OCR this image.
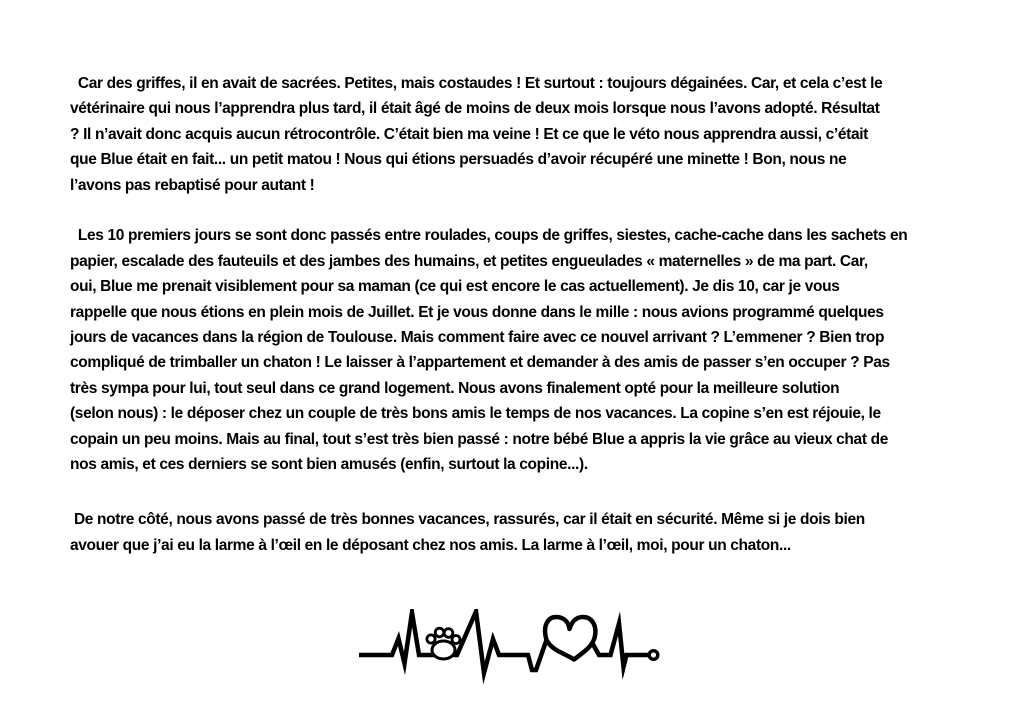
Car des griffes, il en avait de sacrées. Petites, mais costaudes ! Et surtout : toujours dégainées. Car, et cela c’est le
vétérinaire qui nous l’apprendra plus tard, il était âgé de moins de deux mois lorsque nous l’avons adopté. Résultat
? Il n’avait donc acquis aucun rétrocontrôle. C’était bien ma veine ! Et ce que le véto nous apprendra aussi, c’était
que Blue était en fait... un petit matou ! Nous qui étions persuadés d’avoir récupéré une minette ! Bon, nous ne
l’avons pas rebaptisé pour autant !
Les 10 premiers jours se sont donc passés entre roulades, coups de griffes, siestes, cache-cache dans les sachets en
papier, escalade des fauteuils et des jambes des humains, et petites engueulades « maternelles » de ma part. Car,
oui, Blue me prenait visiblement pour sa maman (ce qui est encore le cas actuellement). Je dis 10, car je vous
rappelle que nous étions en plein mois de Juillet. Et je vous donne dans le mille : nous avions programmé quelques
jours de vacances dans la région de Toulouse. Mais comment faire avec ce nouvel arrivant ? L’emmener ? Bien trop
compliqué de trimballer un chaton ! Le laisser à l’appartement et demander à des amis de passer s’en occuper ? Pas
très sympa pour lui, tout seul dans ce grand logement. Nous avons finalement opté pour la meilleure solution
(selon nous) : le déposer chez un couple de très bons amis le temps de nos vacances. La copine s’en est réjouie, le
copain un peu moins. Mais au final, tout s’est très bien passé : notre bébé Blue a appris la vie grâce au vieux chat de
nos amis, et ces derniers se sont bien amusés (enfin, surtout la copine...).
De notre côté, nous avons passé de très bonnes vacances, rassurés, car il était en sécurité. Même si je dois bien
avouer que j’ai eu la larme à l’œil en le déposant chez nos amis. La larme à l’œil, moi, pour un chaton...
